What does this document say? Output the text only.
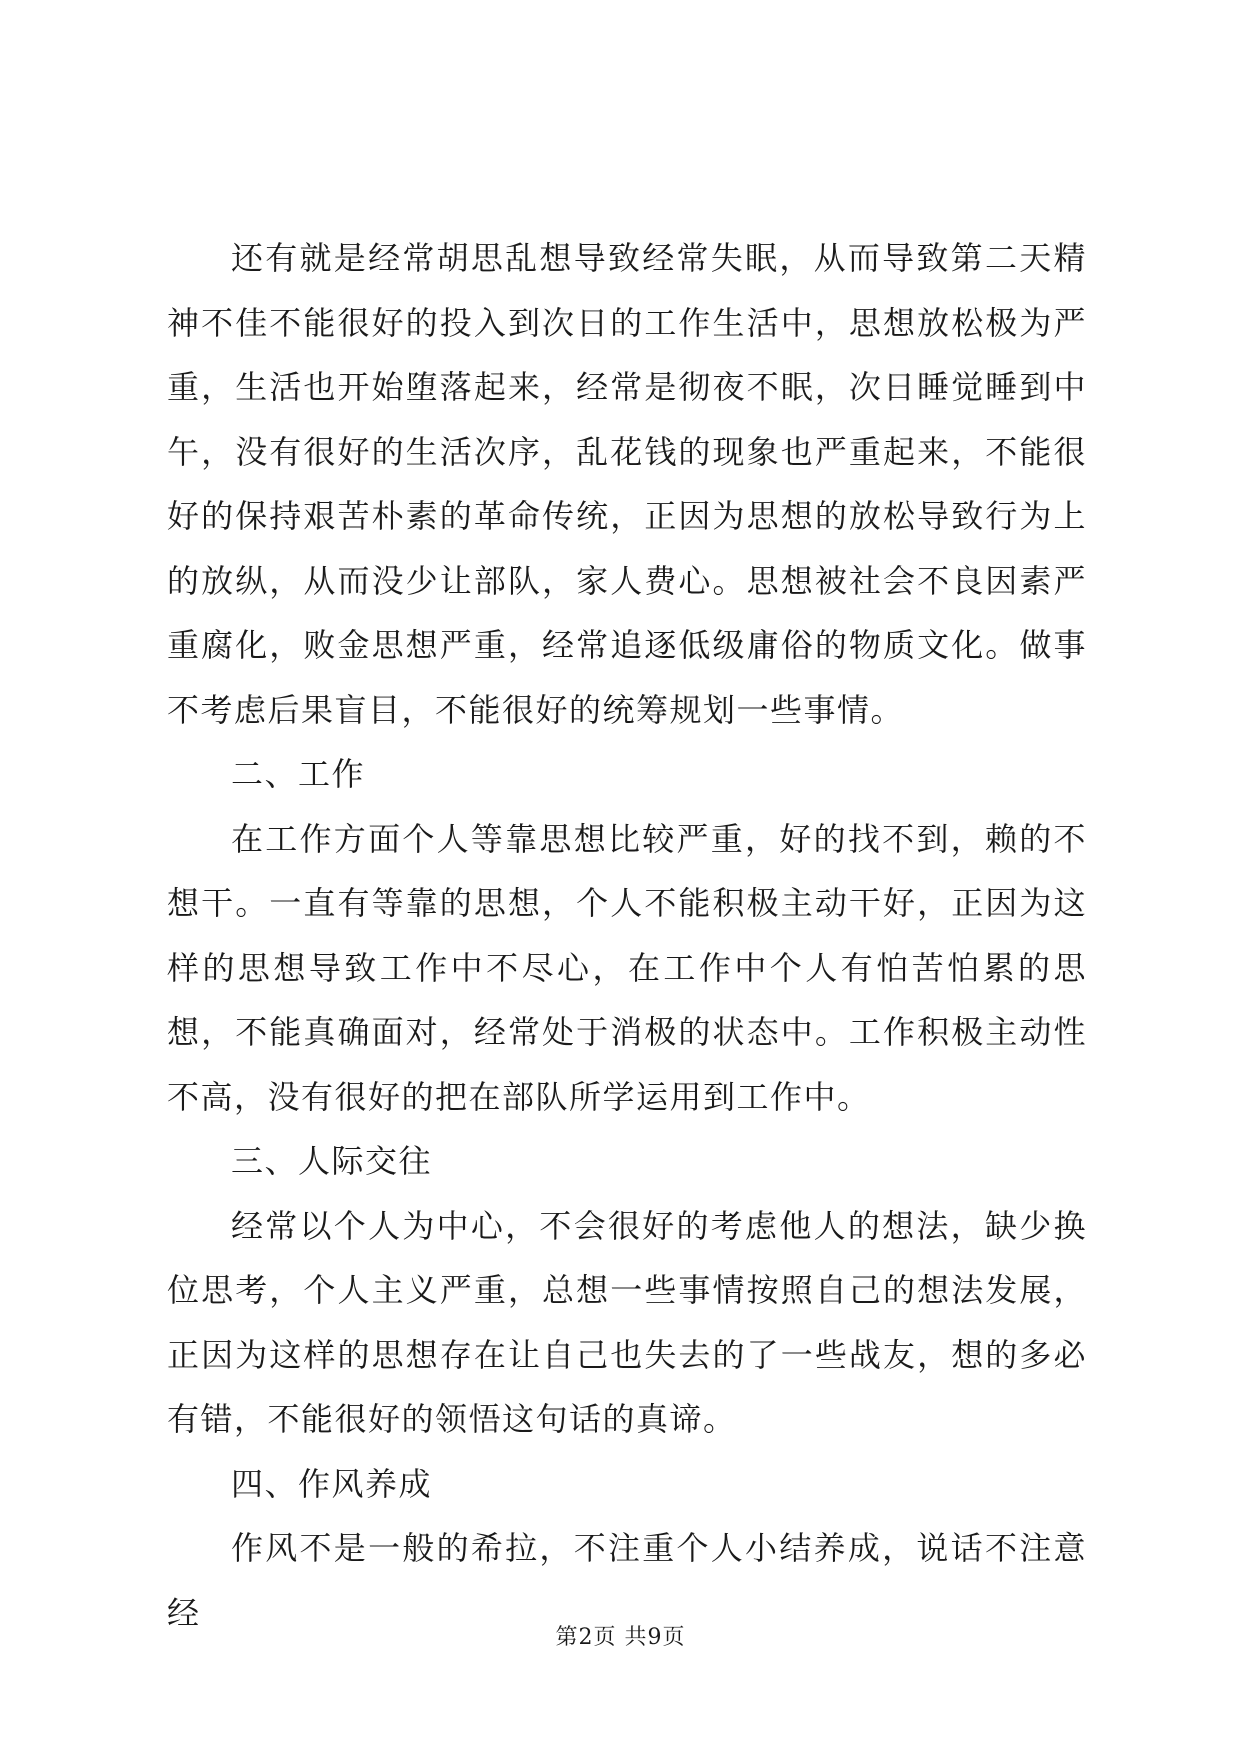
还有就是经常胡思乱想导致经常失眠，从而导致第二天精神不佳不能很好的投入到次日的工作生活中，思想放松极为严重，生活也开始堕落起来，经常是彻夜不眠，次日睡觉睡到中午，没有很好的生活次序，乱花钱的现象也严重起来，不能很好的保持艰苦朴素的革命传统，正因为思想的放松导致行为上的放纵，从而没少让部队，家人费心。思想被社会不良因素严重腐化，败金思想严重，经常追逐低级庸俗的物质文化。做事不考虑后果盲目，不能很好的统筹规划一些事情。

二、工作

在工作方面个人等靠思想比较严重，好的找不到，赖的不想干。一直有等靠的思想，个人不能积极主动干好，正因为这样的思想导致工作中不尽心，在工作中个人有怕苦怕累的思想，不能真确面对，经常处于消极的状态中。工作积极主动性不高，没有很好的把在部队所学运用到工作中。

三、人际交往

经常以个人为中心，不会很好的考虑他人的想法，缺少换位思考，个人主义严重，总想一些事情按照自己的想法发展，正因为这样的思想存在让自己也失去的了一些战友，想的多必有错，不能很好的领悟这句话的真谛。

四、作风养成

作风不是一般的希拉，不注重个人小结养成，说话不注意经

第2页 共9页
